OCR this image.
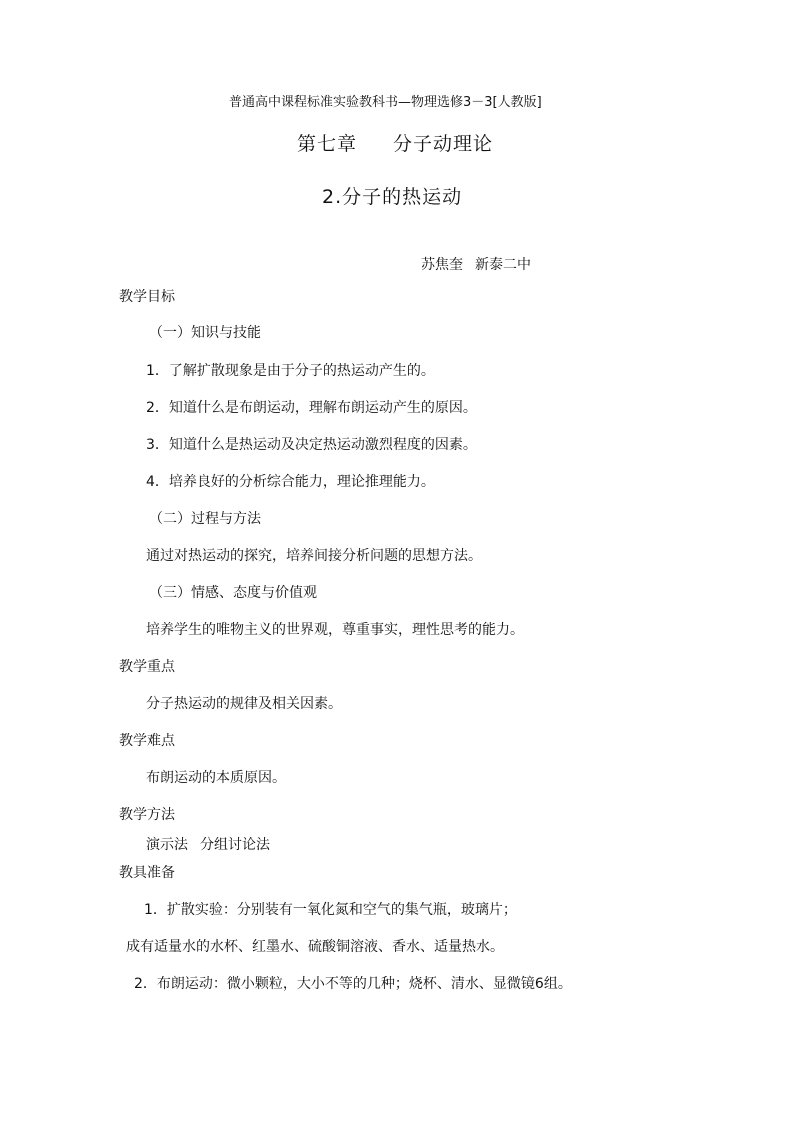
普通高中课程标准实验教科书—物理选修3－3[人教版]
第七章 分子动理论
2.分子的热运动
苏焦奎 新泰二中
教学目标
（一）知识与技能
1．了解扩散现象是由于分子的热运动产生的。
2．知道什么是布朗运动，理解布朗运动产生的原因。
3．知道什么是热运动及决定热运动激烈程度的因素。
4．培养良好的分析综合能力，理论推理能力。
（二）过程与方法
通过对热运动的探究，培养间接分析问题的思想方法。
（三）情感、态度与价值观
培养学生的唯物主义的世界观，尊重事实，理性思考的能力。
教学重点
分子热运动的规律及相关因素。
教学难点
布朗运动的本质原因。
教学方法
演示法 分组讨论法
教具准备
1．扩散实验：分别装有一氧化氮和空气的集气瓶，玻璃片；
成有适量水的水杯、红墨水、硫酸铜溶液、香水、适量热水。
2．布朗运动：微小颗粒，大小不等的几种；烧杯、清水、显微镜6组。
